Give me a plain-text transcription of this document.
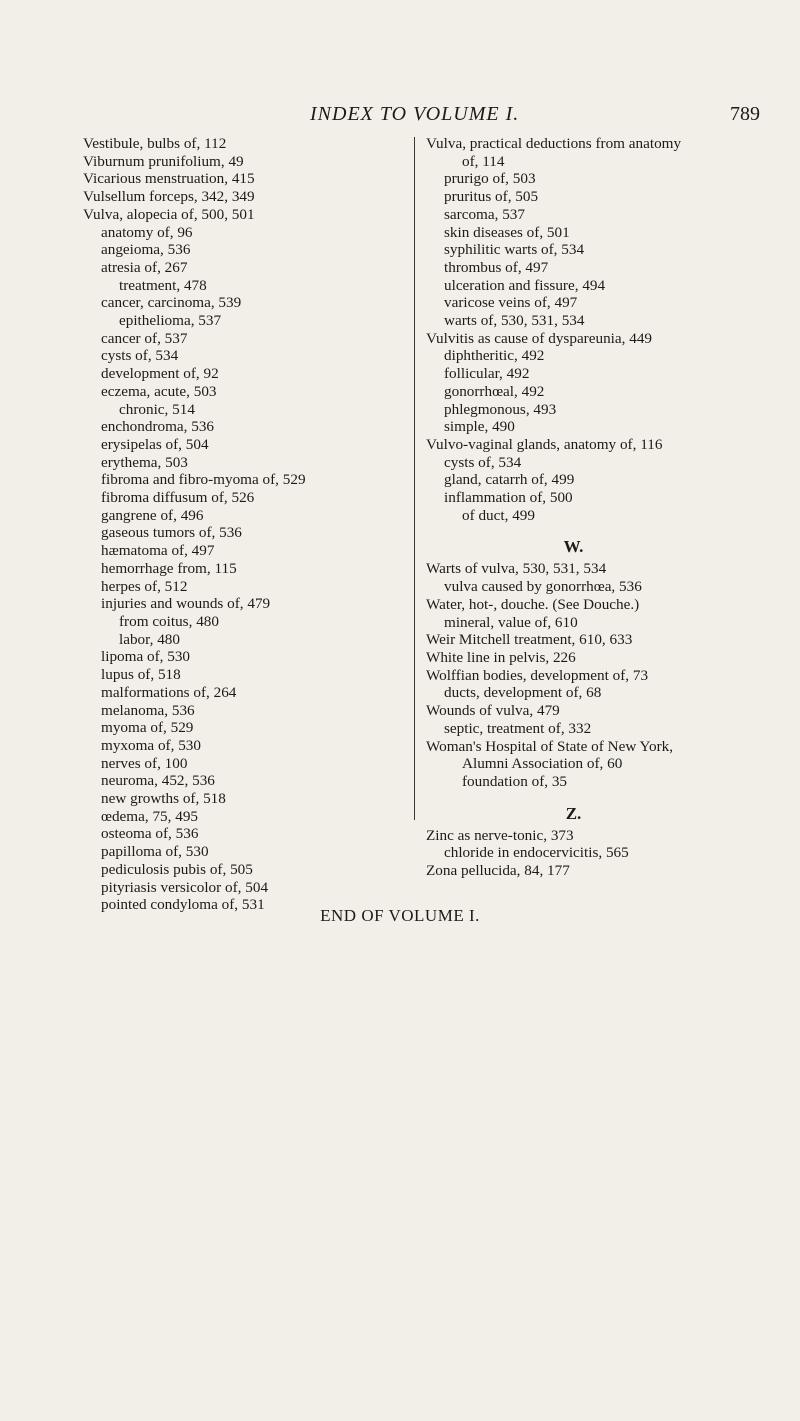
INDEX TO VOLUME I.	789
Vestibule, bulbs of, 112
Viburnum prunifolium, 49
Vicarious menstruation, 415
Vulsellum forceps, 342, 349
Vulva, alopecia of, 500, 501
anatomy of, 96
angeioma, 536
atresia of, 267
treatment, 478
cancer, carcinoma, 539
epithelioma, 537
cancer of, 537
cysts of, 534
development of, 92
eczema, acute, 503
chronic, 514
enchondroma, 536
erysipelas of, 504
erythema, 503
fibroma and fibro-myoma of, 529
fibroma diffusum of, 526
gangrene of, 496
gaseous tumors of, 536
hæmatoma of, 497
hemorrhage from, 115
herpes of, 512
injuries and wounds of, 479
from coitus, 480
labor, 480
lipoma of, 530
lupus of, 518
malformations of, 264
melanoma, 536
myoma of, 529
myxoma of, 530
nerves of, 100
neuroma, 452, 536
new growths of, 518
œdema, 75, 495
osteoma of, 536
papilloma of, 530
pediculosis pubis of, 505
pityriasis versicolor of, 504
pointed condyloma of, 531
Vulva, practical deductions from anatomy
of, 114
prurigo of, 503
pruritus of, 505
sarcoma, 537
skin diseases of, 501
syphilitic warts of, 534
thrombus of, 497
ulceration and fissure, 494
varicose veins of, 497
warts of, 530, 531, 534
Vulvitis as cause of dyspareunia, 449
diphtheritic, 492
follicular, 492
gonorrhœal, 492
phlegmonous, 493
simple, 490
Vulvo-vaginal glands, anatomy of, 116
cysts of, 534
gland, catarrh of, 499
inflammation of, 500
of duct, 499
W.
Warts of vulva, 530, 531, 534
vulva caused by gonorrhœa, 536
Water, hot-, douche. (See Douche.)
mineral, value of, 610
Weir Mitchell treatment, 610, 633
White line in pelvis, 226
Wolffian bodies, development of, 73
ducts, development of, 68
Wounds of vulva, 479
septic, treatment of, 332
Woman's Hospital of State of New York,
Alumni Association of, 60
foundation of, 35
Z.
Zinc as nerve-tonic, 373
chloride in endocervicitis, 565
Zona pellucida, 84, 177
END OF VOLUME I.
